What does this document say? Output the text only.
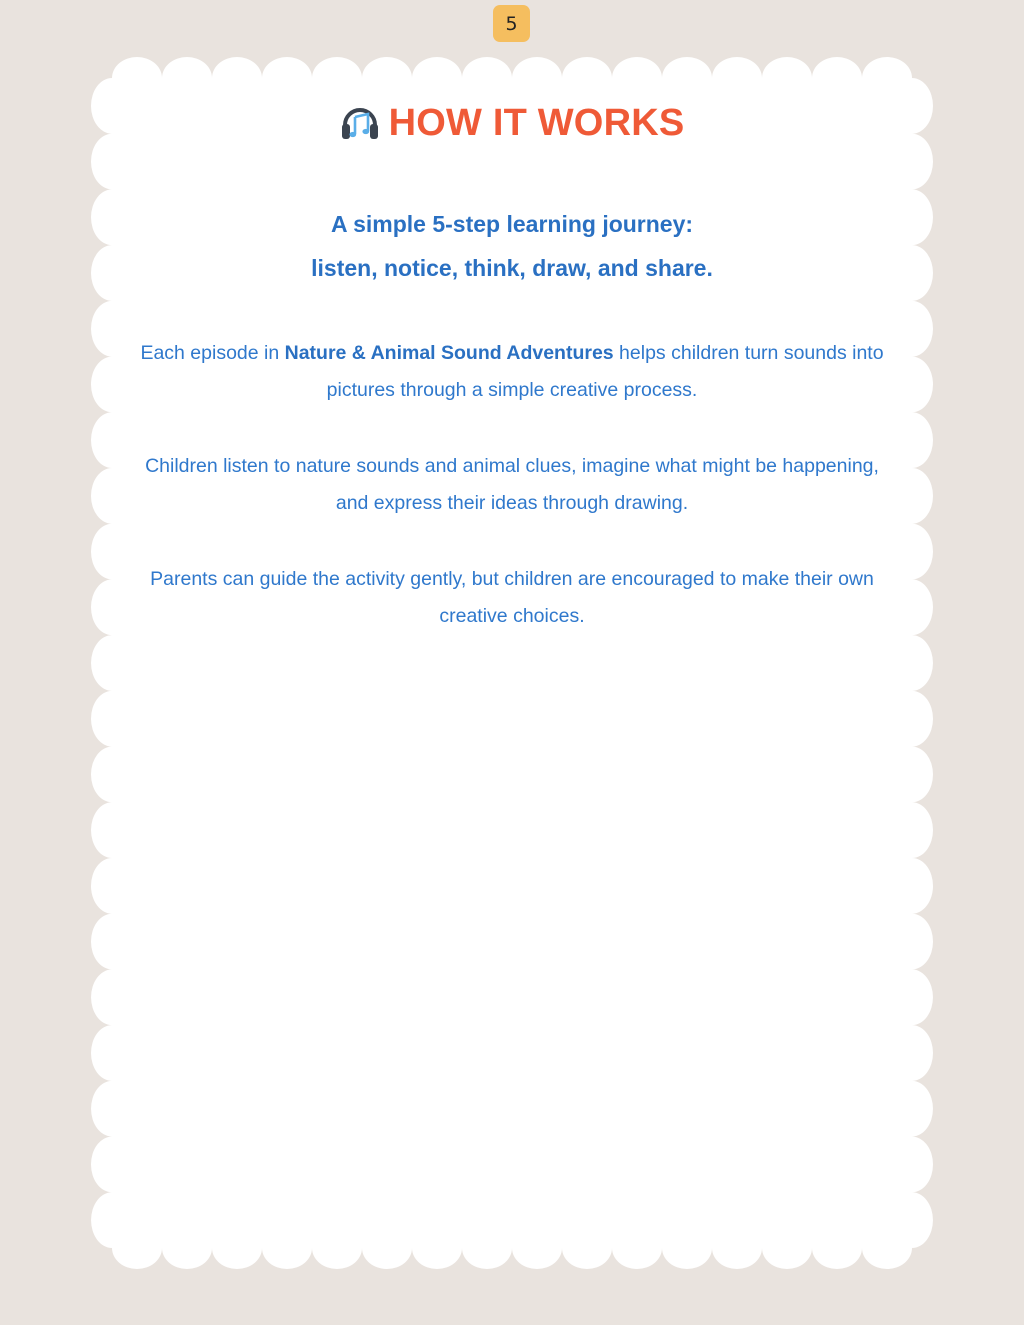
5
HOW IT WORKS
A simple 5-step learning journey:
listen, notice, think, draw, and share.
Each episode in Nature & Animal Sound Adventures helps children turn sounds into pictures through a simple creative process.
Children listen to nature sounds and animal clues, imagine what might be happening, and express their ideas through drawing.
Parents can guide the activity gently, but children are encouraged to make their own creative choices.
